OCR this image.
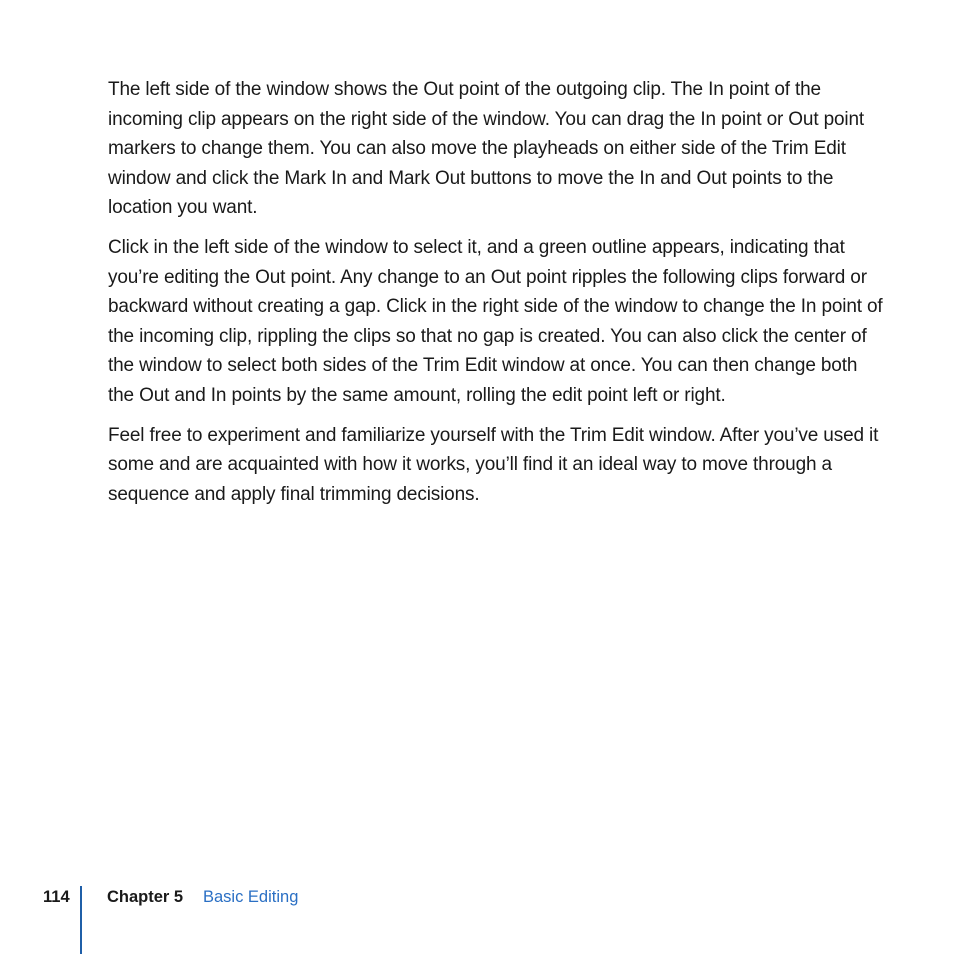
The left side of the window shows the Out point of the outgoing clip. The In point of the incoming clip appears on the right side of the window. You can drag the In point or Out point markers to change them. You can also move the playheads on either side of the Trim Edit window and click the Mark In and Mark Out buttons to move the In and Out points to the location you want.

Click in the left side of the window to select it, and a green outline appears, indicating that you’re editing the Out point. Any change to an Out point ripples the following clips forward or backward without creating a gap. Click in the right side of the window to change the In point of the incoming clip, rippling the clips so that no gap is created. You can also click the center of the window to select both sides of the Trim Edit window at once. You can then change both the Out and In points by the same amount, rolling the edit point left or right.

Feel free to experiment and familiarize yourself with the Trim Edit window. After you’ve used it some and are acquainted with how it works, you’ll find it an ideal way to move through a sequence and apply final trimming decisions.

114 Chapter 5 Basic Editing
